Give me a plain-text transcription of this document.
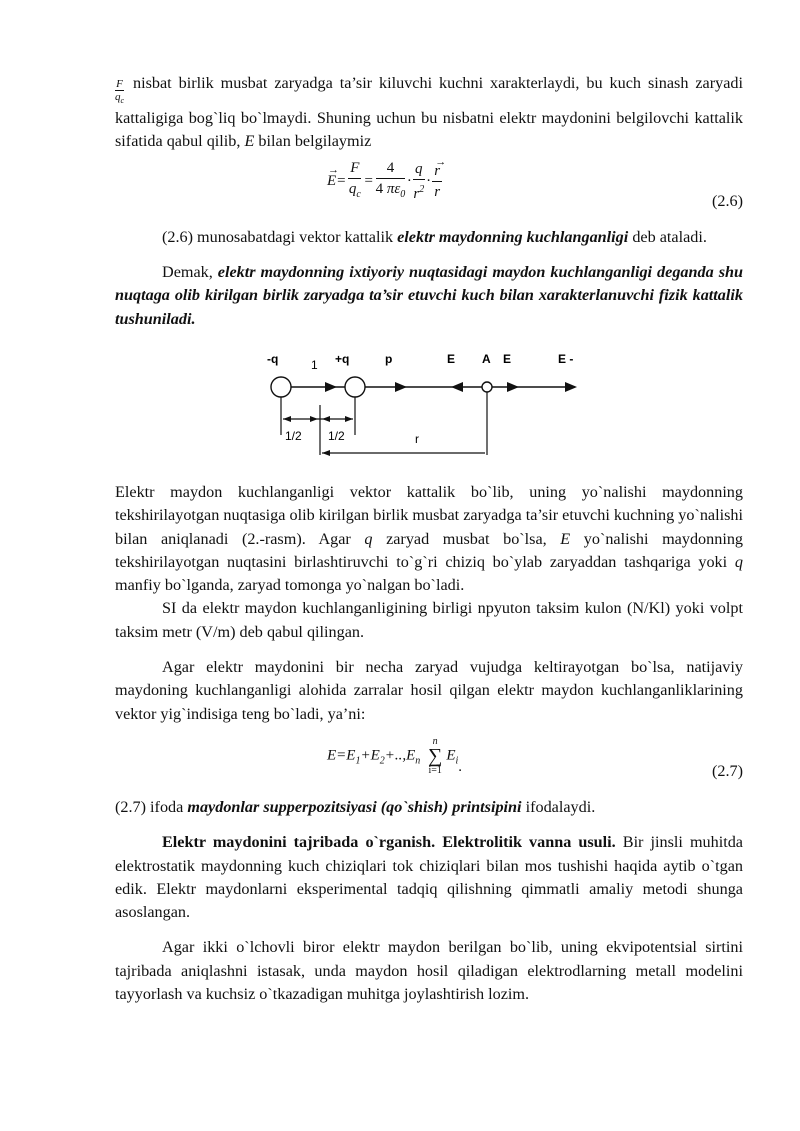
$\frac{F}{q_c}$ nisbat birlik musbat zaryadga ta’sir kiluvchi kuchni xarakterlaydi, bu kuch sinash zaryadi kattaligiga bog`liq bo`lmaydi. Shuning uchun bu nisbatni elektr maydonini belgilovchi kattalik sifatida qabul qilib, E bilan belgilaymiz

→
$E= \frac{F}{q_c} = \frac{4}{4 \pi\varepsilon_0} \cdot \frac{q}{r^2}$ · →
r
r	(2.6)

(2.6) munosabatdagi vektor kattalik elektr maydonning kuchlanganligi deb ataladi.

Demak, elektr maydonning ixtiyoriy nuqtasidagi maydon kuchlanganligi deganda shu nuqtaga olib kirilgan birlik zaryadga ta’sir etuvchi kuch bilan xarakterlanuvchi fizik kattalik tushuniladi.

-q	1 +q	p	E A E	E -
1/2 1/2	r

Elektr maydon kuchlanganligi vektor kattalik bo`lib, uning yo`nalishi maydonning tekshirilayotgan nuqtasiga olib kirilgan birlik musbat zaryadga ta’sir etuvchi kuchning yo`nalishi bilan aniqlanadi (2.-rasm). Agar q zaryad musbat bo`lsa, E yo`nalishi maydonning tekshirilayotgan nuqtasini birlashtiruvchi to`g`ri chiziq bo`ylab zaryaddan tashqariga yoki q manfiy bo`lganda, zaryad tomonga yo`nalgan bo`ladi.

SI da elektr maydon kuchlanganligining birligi npyuton taksim kulon (N/Kl) yoki volpt taksim metr (V/m) deb qabul qilingan.

Agar elektr maydonini bir necha zaryad vujudga keltirayotgan bo`lsa, natijaviy maydoning kuchlanganligi alohida zarralar hosil qilgan elektr maydon kuchlanganliklarining vektor yig`indisiga teng bo`ladi, ya’ni:

$E=E_1+E_2+..,E_n$
n
∑
i=1
$E_i$.	(2.7)

(2.7) ifoda maydonlar supperpozitsiyasi (qo`shish) printsipini ifodalaydi.

Elektr maydonini tajribada o`rganish. Elektrolitik vanna usuli. Bir jinsli muhitda elektrostatik maydonning kuch chiziqlari tok chiziqlari bilan mos tushishi haqida aytib o`tgan edik. Elektr maydonlarni eksperimental tadqiq qilishning qimmatli amaliy metodi shunga asoslangan.

Agar ikki o`lchovli biror elektr maydon berilgan bo`lib, uning ekvipotentsial sirtini tajribada aniqlashni istasak, unda maydon hosil qiladigan elektrodlarning metall modelini tayyorlash va kuchsiz o`tkazadigan muhitga joylashtirish lozim.
